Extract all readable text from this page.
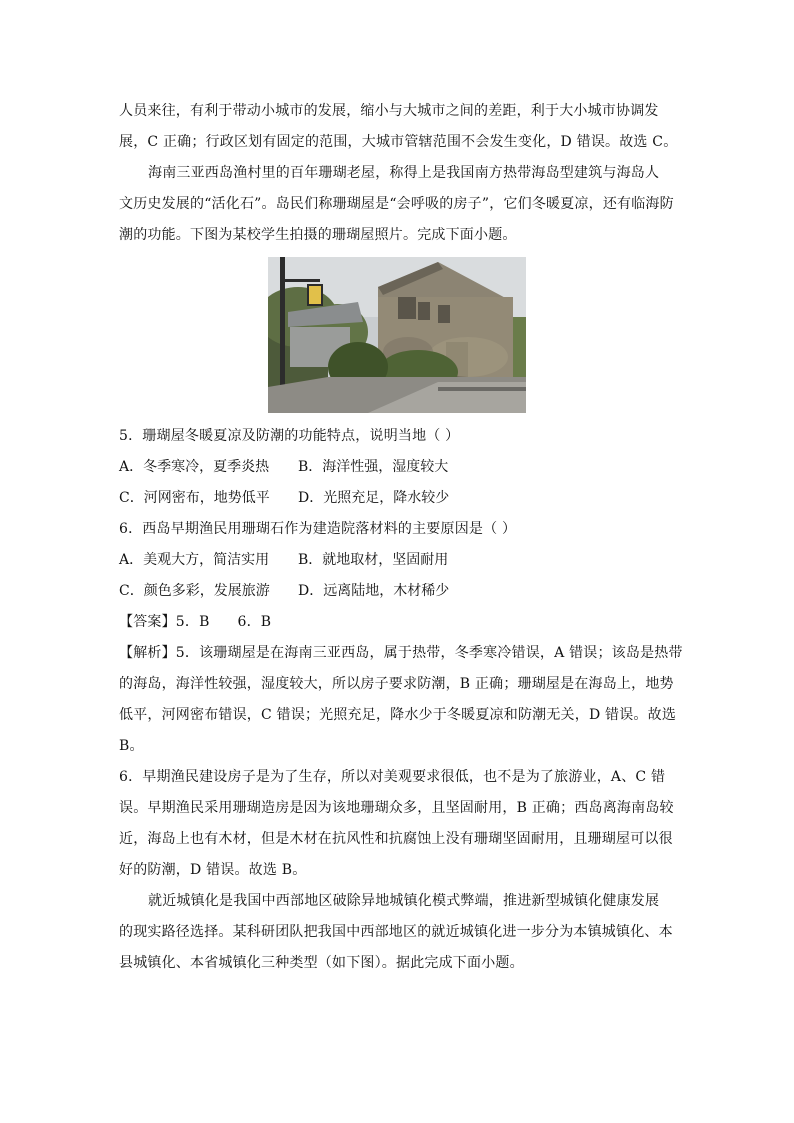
人员来往，有利于带动小城市的发展，缩小与大城市之间的差距，利于大小城市协调发
展，C 正确；行政区划有固定的范围，大城市管辖范围不会发生变化，D 错误。故选 C。
海南三亚西岛渔村里的百年珊瑚老屋，称得上是我国南方热带海岛型建筑与海岛人
文历史发展的“活化石”。岛民们称珊瑚屋是“会呼吸的房子”，它们冬暖夏凉，还有临海防
潮的功能。下图为某校学生拍摄的珊瑚屋照片。完成下面小题。
5．珊瑚屋冬暖夏凉及防潮的功能特点，说明当地（ ）
A．冬季寒冷，夏季炎热 B．海洋性强，湿度较大
C．河网密布，地势低平 D．光照充足，降水较少
6．西岛早期渔民用珊瑚石作为建造院落材料的主要原因是（ ）
A．美观大方，简洁实用 B．就地取材，坚固耐用
C．颜色多彩，发展旅游 D．远离陆地，木材稀少
【答案】5．B      6．B
【解析】5．该珊瑚屋是在海南三亚西岛，属于热带，冬季寒冷错误，A 错误；该岛是热带
的海岛，海洋性较强，湿度较大，所以房子要求防潮，B 正确；珊瑚屋是在海岛上，地势
低平，河网密布错误，C 错误；光照充足，降水少于冬暖夏凉和防潮无关，D 错误。故选
B。
6．早期渔民建设房子是为了生存，所以对美观要求很低，也不是为了旅游业，A、C 错
误。早期渔民采用珊瑚造房是因为该地珊瑚众多，且坚固耐用，B 正确；西岛离海南岛较
近，海岛上也有木材，但是木材在抗风性和抗腐蚀上没有珊瑚坚固耐用，且珊瑚屋可以很
好的防潮，D 错误。故选 B。
就近城镇化是我国中西部地区破除异地城镇化模式弊端，推进新型城镇化健康发展
的现实路径选择。某科研团队把我国中西部地区的就近城镇化进一步分为本镇城镇化、本
县城镇化、本省城镇化三种类型（如下图）。据此完成下面小题。
